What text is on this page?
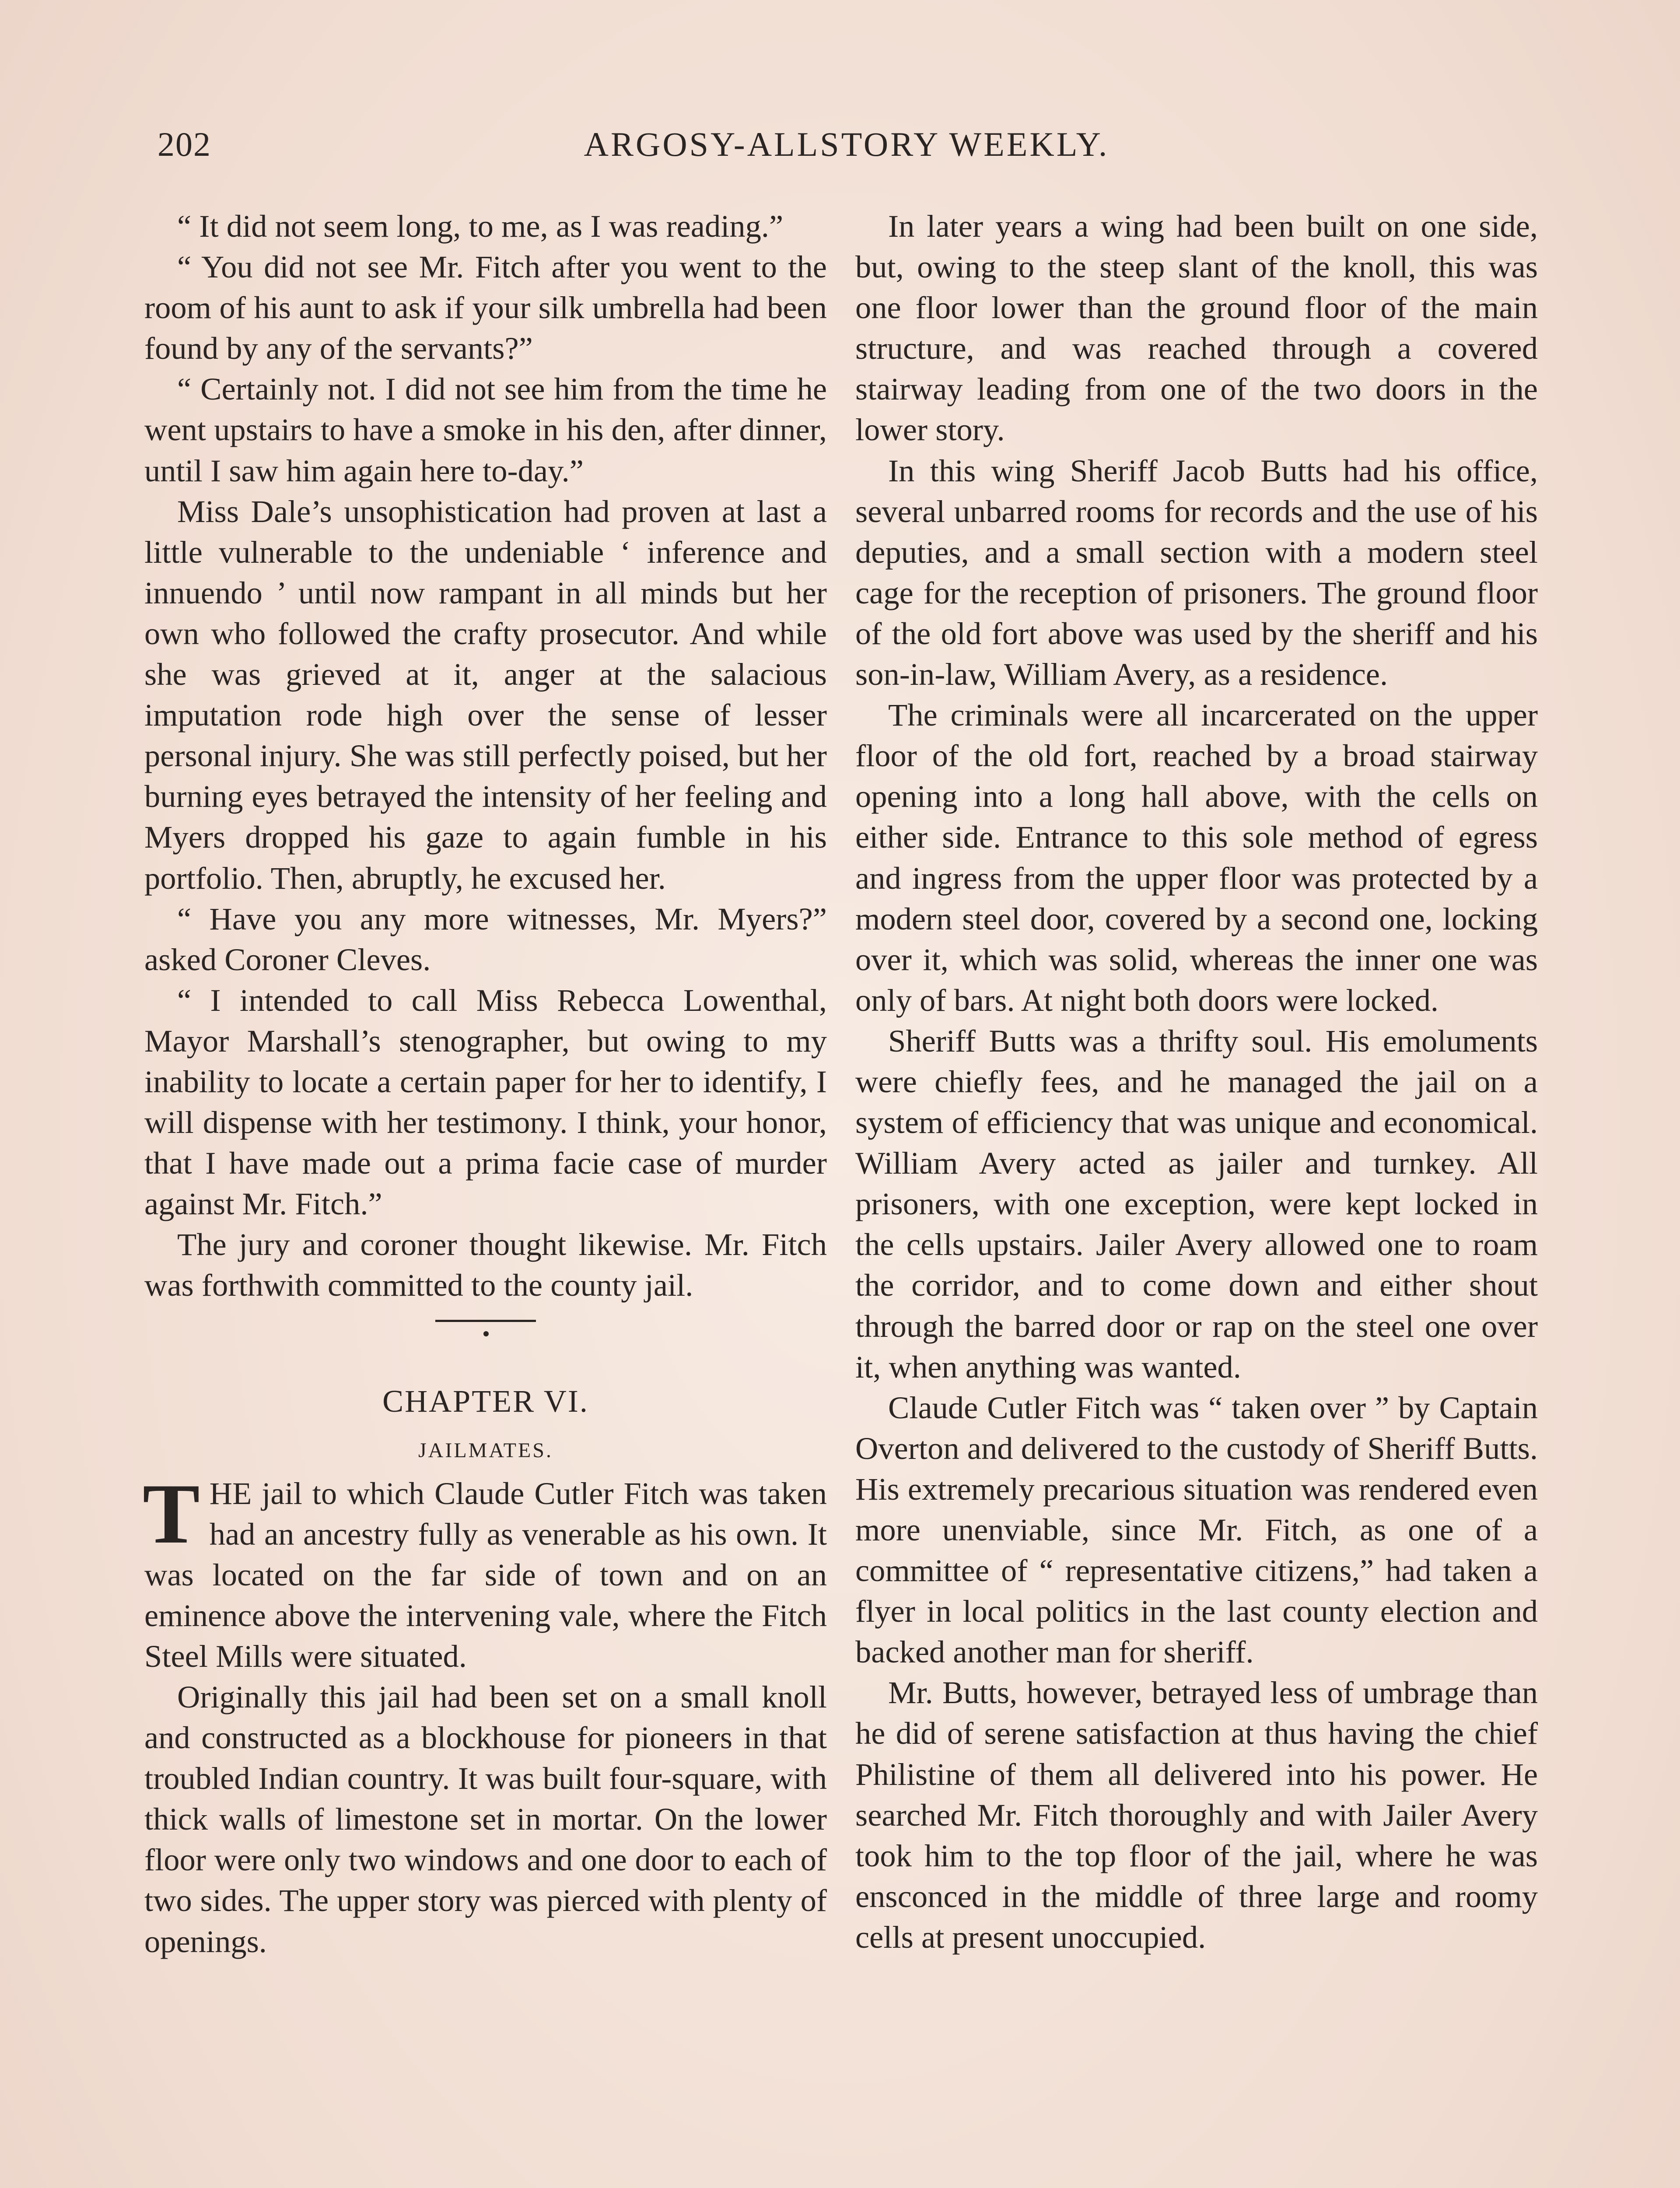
202	ARGOSY-ALLSTORY WEEKLY.

“ It did not seem long, to me, as I was reading.”

“ You did not see Mr. Fitch after you went to the room of his aunt to ask if your silk umbrella had been found by any of the servants?”

“ Certainly not. I did not see him from the time he went upstairs to have a smoke in his den, after dinner, until I saw him again here to-day.”

Miss Dale’s unsophistication had proven at last a little vulnerable to the undeniable ‘ inference and innuendo ’ until now rampant in all minds but her own who followed the crafty prosecutor. And while she was grieved at it, anger at the salacious imputation rode high over the sense of lesser personal injury. She was still perfectly poised, but her burning eyes betrayed the intensity of her feeling and Myers dropped his gaze to again fumble in his portfolio. Then, abruptly, he excused her.

“ Have you any more witnesses, Mr. Myers?” asked Coroner Cleves.

“ I intended to call Miss Rebecca Lowenthal, Mayor Marshall’s stenographer, but owing to my inability to locate a certain paper for her to identify, I will dispense with her testimony. I think, your honor, that I have made out a prima facie case of murder against Mr. Fitch.”

The jury and coroner thought likewise. Mr. Fitch was forthwith committed to the county jail.

CHAPTER VI.
JAILMATES.

THE jail to which Claude Cutler Fitch was taken had an ancestry fully as venerable as his own. It was located on the far side of town and on an eminence above the intervening vale, where the Fitch Steel Mills were situated.

Originally this jail had been set on a small knoll and constructed as a blockhouse for pioneers in that troubled Indian country. It was built four-square, with thick walls of limestone set in mortar. On the lower floor were only two windows and one door to each of two sides. The upper story was pierced with plenty of openings.

In later years a wing had been built on one side, but, owing to the steep slant of the knoll, this was one floor lower than the ground floor of the main structure, and was reached through a covered stairway leading from one of the two doors in the lower story.

In this wing Sheriff Jacob Butts had his office, several unbarred rooms for records and the use of his deputies, and a small section with a modern steel cage for the reception of prisoners. The ground floor of the old fort above was used by the sheriff and his son-in-law, William Avery, as a residence.

The criminals were all incarcerated on the upper floor of the old fort, reached by a broad stairway opening into a long hall above, with the cells on either side. Entrance to this sole method of egress and ingress from the upper floor was protected by a modern steel door, covered by a second one, locking over it, which was solid, whereas the inner one was only of bars. At night both doors were locked.

Sheriff Butts was a thrifty soul. His emoluments were chiefly fees, and he managed the jail on a system of efficiency that was unique and economical. William Avery acted as jailer and turnkey. All prisoners, with one exception, were kept locked in the cells upstairs. Jailer Avery allowed one to roam the corridor, and to come down and either shout through the barred door or rap on the steel one over it, when anything was wanted.

Claude Cutler Fitch was “ taken over ” by Captain Overton and delivered to the custody of Sheriff Butts. His extremely precarious situation was rendered even more unenviable, since Mr. Fitch, as one of a committee of “ representative citizens,” had taken a flyer in local politics in the last county election and backed another man for sheriff.

Mr. Butts, however, betrayed less of umbrage than he did of serene satisfaction at thus having the chief Philistine of them all delivered into his power. He searched Mr. Fitch thoroughly and with Jailer Avery took him to the top floor of the jail, where he was ensconced in the middle of three large and roomy cells at present unoccupied.
